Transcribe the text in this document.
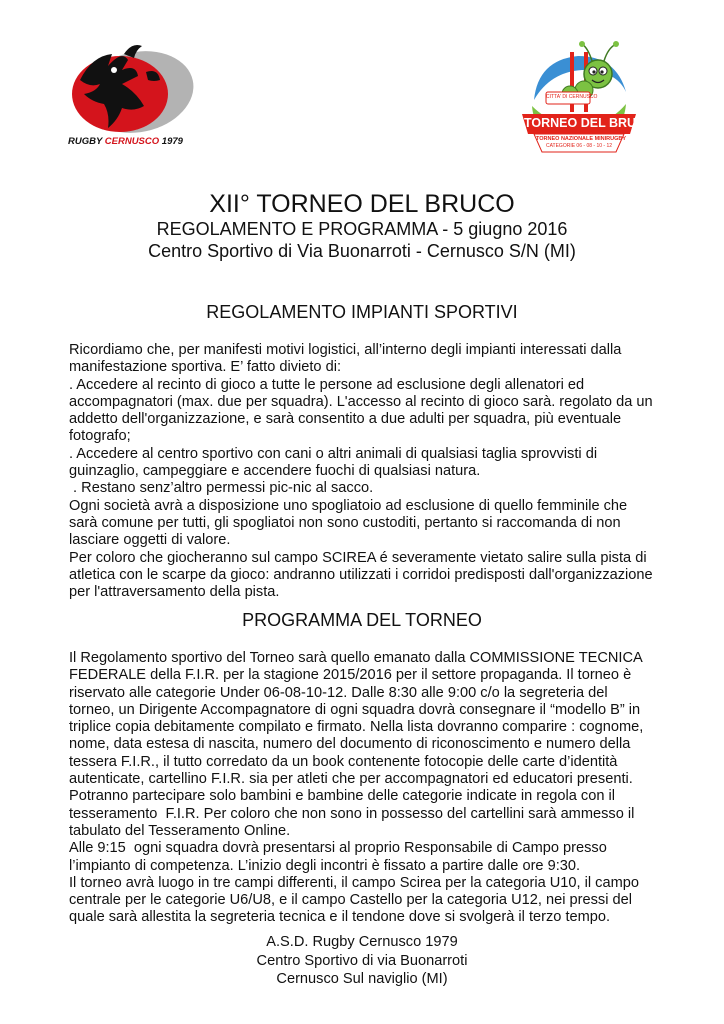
RUGBY CERNUSCO 1979
CITTA' DI CERNUSCO
TORNEO DEL BRUCO
TORNEO NAZIONALE MINIRUGBY
CATEGORIE 06 - 08 - 10 - 12
XII° TORNEO DEL BRUCO
REGOLAMENTO E PROGRAMMA - 5 giugno 2016
Centro Sportivo di Via Buonarroti - Cernusco S/N (MI)
REGOLAMENTO IMPIANTI SPORTIVI

Ricordiamo che, per manifesti motivi logistici, all’interno degli impianti interessati dalla

manifestazione sportiva. E’ fatto divieto di:

. Accedere al recinto di gioco a tutte le persone ad esclusione degli allenatori ed

accompagnatori (max. due per squadra). L'accesso al recinto di gioco sarà. regolato da un

addetto dell'organizzazione, e sarà consentito a due adulti per squadra, più eventuale

fotografo;

. Accedere al centro sportivo con cani o altri animali di qualsiasi taglia sprovvisti di

guinzaglio, campeggiare e accendere fuochi di qualsiasi natura.

. Restano senz’altro permessi pic-nic al sacco.

Ogni società avrà a disposizione uno spogliatoio ad esclusione di quello femminile che

sarà comune per tutti, gli spogliatoi non sono custoditi, pertanto si raccomanda di non

lasciare oggetti di valore.

Per coloro che giocheranno sul campo SCIREA é severamente vietato salire sulla pista di

atletica con le scarpe da gioco: andranno utilizzati i corridoi predisposti dall'organizzazione

per l'attraversamento della pista.

PROGRAMMA DEL TORNEO

Il Regolamento sportivo del Torneo sarà quello emanato dalla COMMISSIONE TECNICA

FEDERALE della F.I.R. per la stagione 2015/2016 per il settore propaganda. Il torneo è

riservato alle categorie Under 06-08-10-12. Dalle 8:30 alle 9:00 c/o la segreteria del

torneo, un Dirigente Accompagnatore di ogni squadra dovrà consegnare il “modello B” in

triplice copia debitamente compilato e firmato. Nella lista dovranno comparire : cognome,

nome, data estesa di nascita, numero del documento di riconoscimento e numero della

tessera F.I.R., il tutto corredato da un book contenente fotocopie delle carte d’identità

autenticate, cartellino F.I.R. sia per atleti che per accompagnatori ed educatori presenti.

Potranno partecipare solo bambini e bambine delle categorie indicate in regola con il

tesseramento  F.I.R. Per coloro che non sono in possesso del cartellini sarà ammesso il

tabulato del Tesseramento Online.

Alle 9:15  ogni squadra dovrà presentarsi al proprio Responsabile di Campo presso

l’impianto di competenza. L’inizio degli incontri è fissato a partire dalle ore 9:30.

Il torneo avrà luogo in tre campi differenti, il campo Scirea per la categoria U10, il campo

centrale per le categorie U6/U8, e il campo Castello per la categoria U12, nei pressi del

quale sarà allestita la segreteria tecnica e il tendone dove si svolgerà il terzo tempo.

A.S.D. Rugby Cernusco 1979

Centro Sportivo di via Buonarroti

Cernusco Sul naviglio (MI)
